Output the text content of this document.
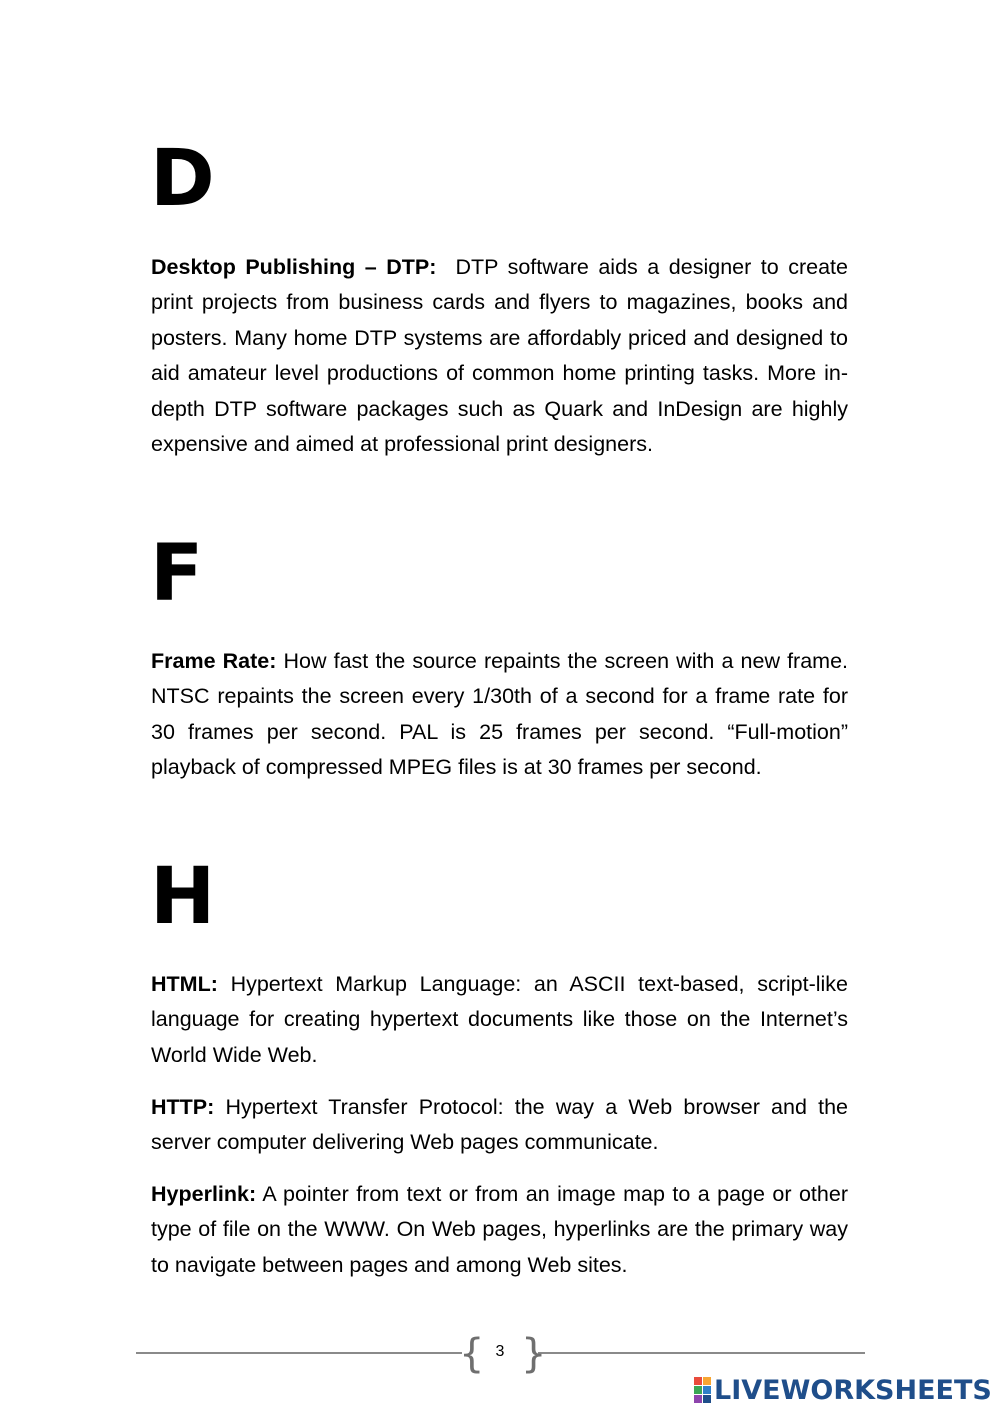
D

Desktop Publishing – DTP: DTP software aids a designer to create print projects from business cards and flyers to magazines, books and posters. Many home DTP systems are affordably priced and designed to aid amateur level productions of common home printing tasks. More in-depth DTP software packages such as Quark and InDesign are highly expensive and aimed at professional print designers.

F

Frame Rate: How fast the source repaints the screen with a new frame. NTSC repaints the screen every 1/30th of a second for a frame rate for 30 frames per second. PAL is 25 frames per second. “Full-motion” playback of compressed MPEG files is at 30 frames per second.

H

HTML: Hypertext Markup Language: an ASCII text-based, script-like language for creating hypertext documents like those on the Internet’s World Wide Web.

HTTP: Hypertext Transfer Protocol: the way a Web browser and the server computer delivering Web pages communicate.

Hyperlink: A pointer from text or from an image map to a page or other type of file on the WWW. On Web pages, hyperlinks are the primary way to navigate between pages and among Web sites.

{ }
3
LIVEWORKSHEETS
